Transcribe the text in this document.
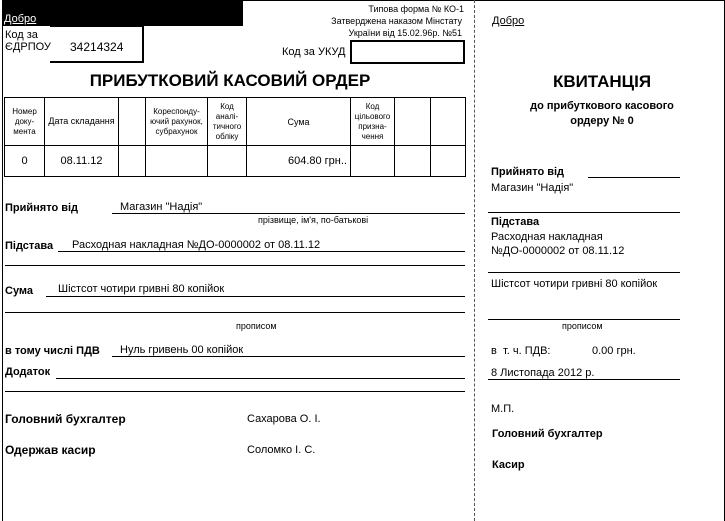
Добро
Типова форма № КО-1
Затверджена наказом Мінстату
України від 15.02.96р. №51
Код за
ЄДРПОУ 34214324	Код за УКУД
ПРИБУТКОВИЙ КАСОВИЙ ОРДЕР
Номер доку-мента	Дата складання		Кореспонду-ючий рахунок, субрахунок	Код аналі-тичного обліку	Сума	Код цільового призна-чення		
0	08.11.12				604.80 грн..			
Прийнято від	Магазин "Надія"
прізвище, ім'я, по-батькові
Підстава Расходная накладная №ДО-0000002 от 08.11.12
Сума Шістсот чотири гривні 80 копійок
прописом
в тому числі ПДВ Нуль гривень 00 копійок
Додаток
Головний бухгалтер	Сахарова О. І.
Одержав касир	Соломко І. С.
Добро
КВИТАНЦІЯ
до прибуткового касового
ордеру № 0
Прийнято від
Магазин "Надія"
Підстава
Расходная накладная
№ДО-0000002 от 08.11.12
Шістсот чотири гривні 80 копійок
прописом
в  т. ч. ПДВ:	0.00 грн.
8 Листопада 2012 р.
М.П.
Головний бухгалтер
Касир
